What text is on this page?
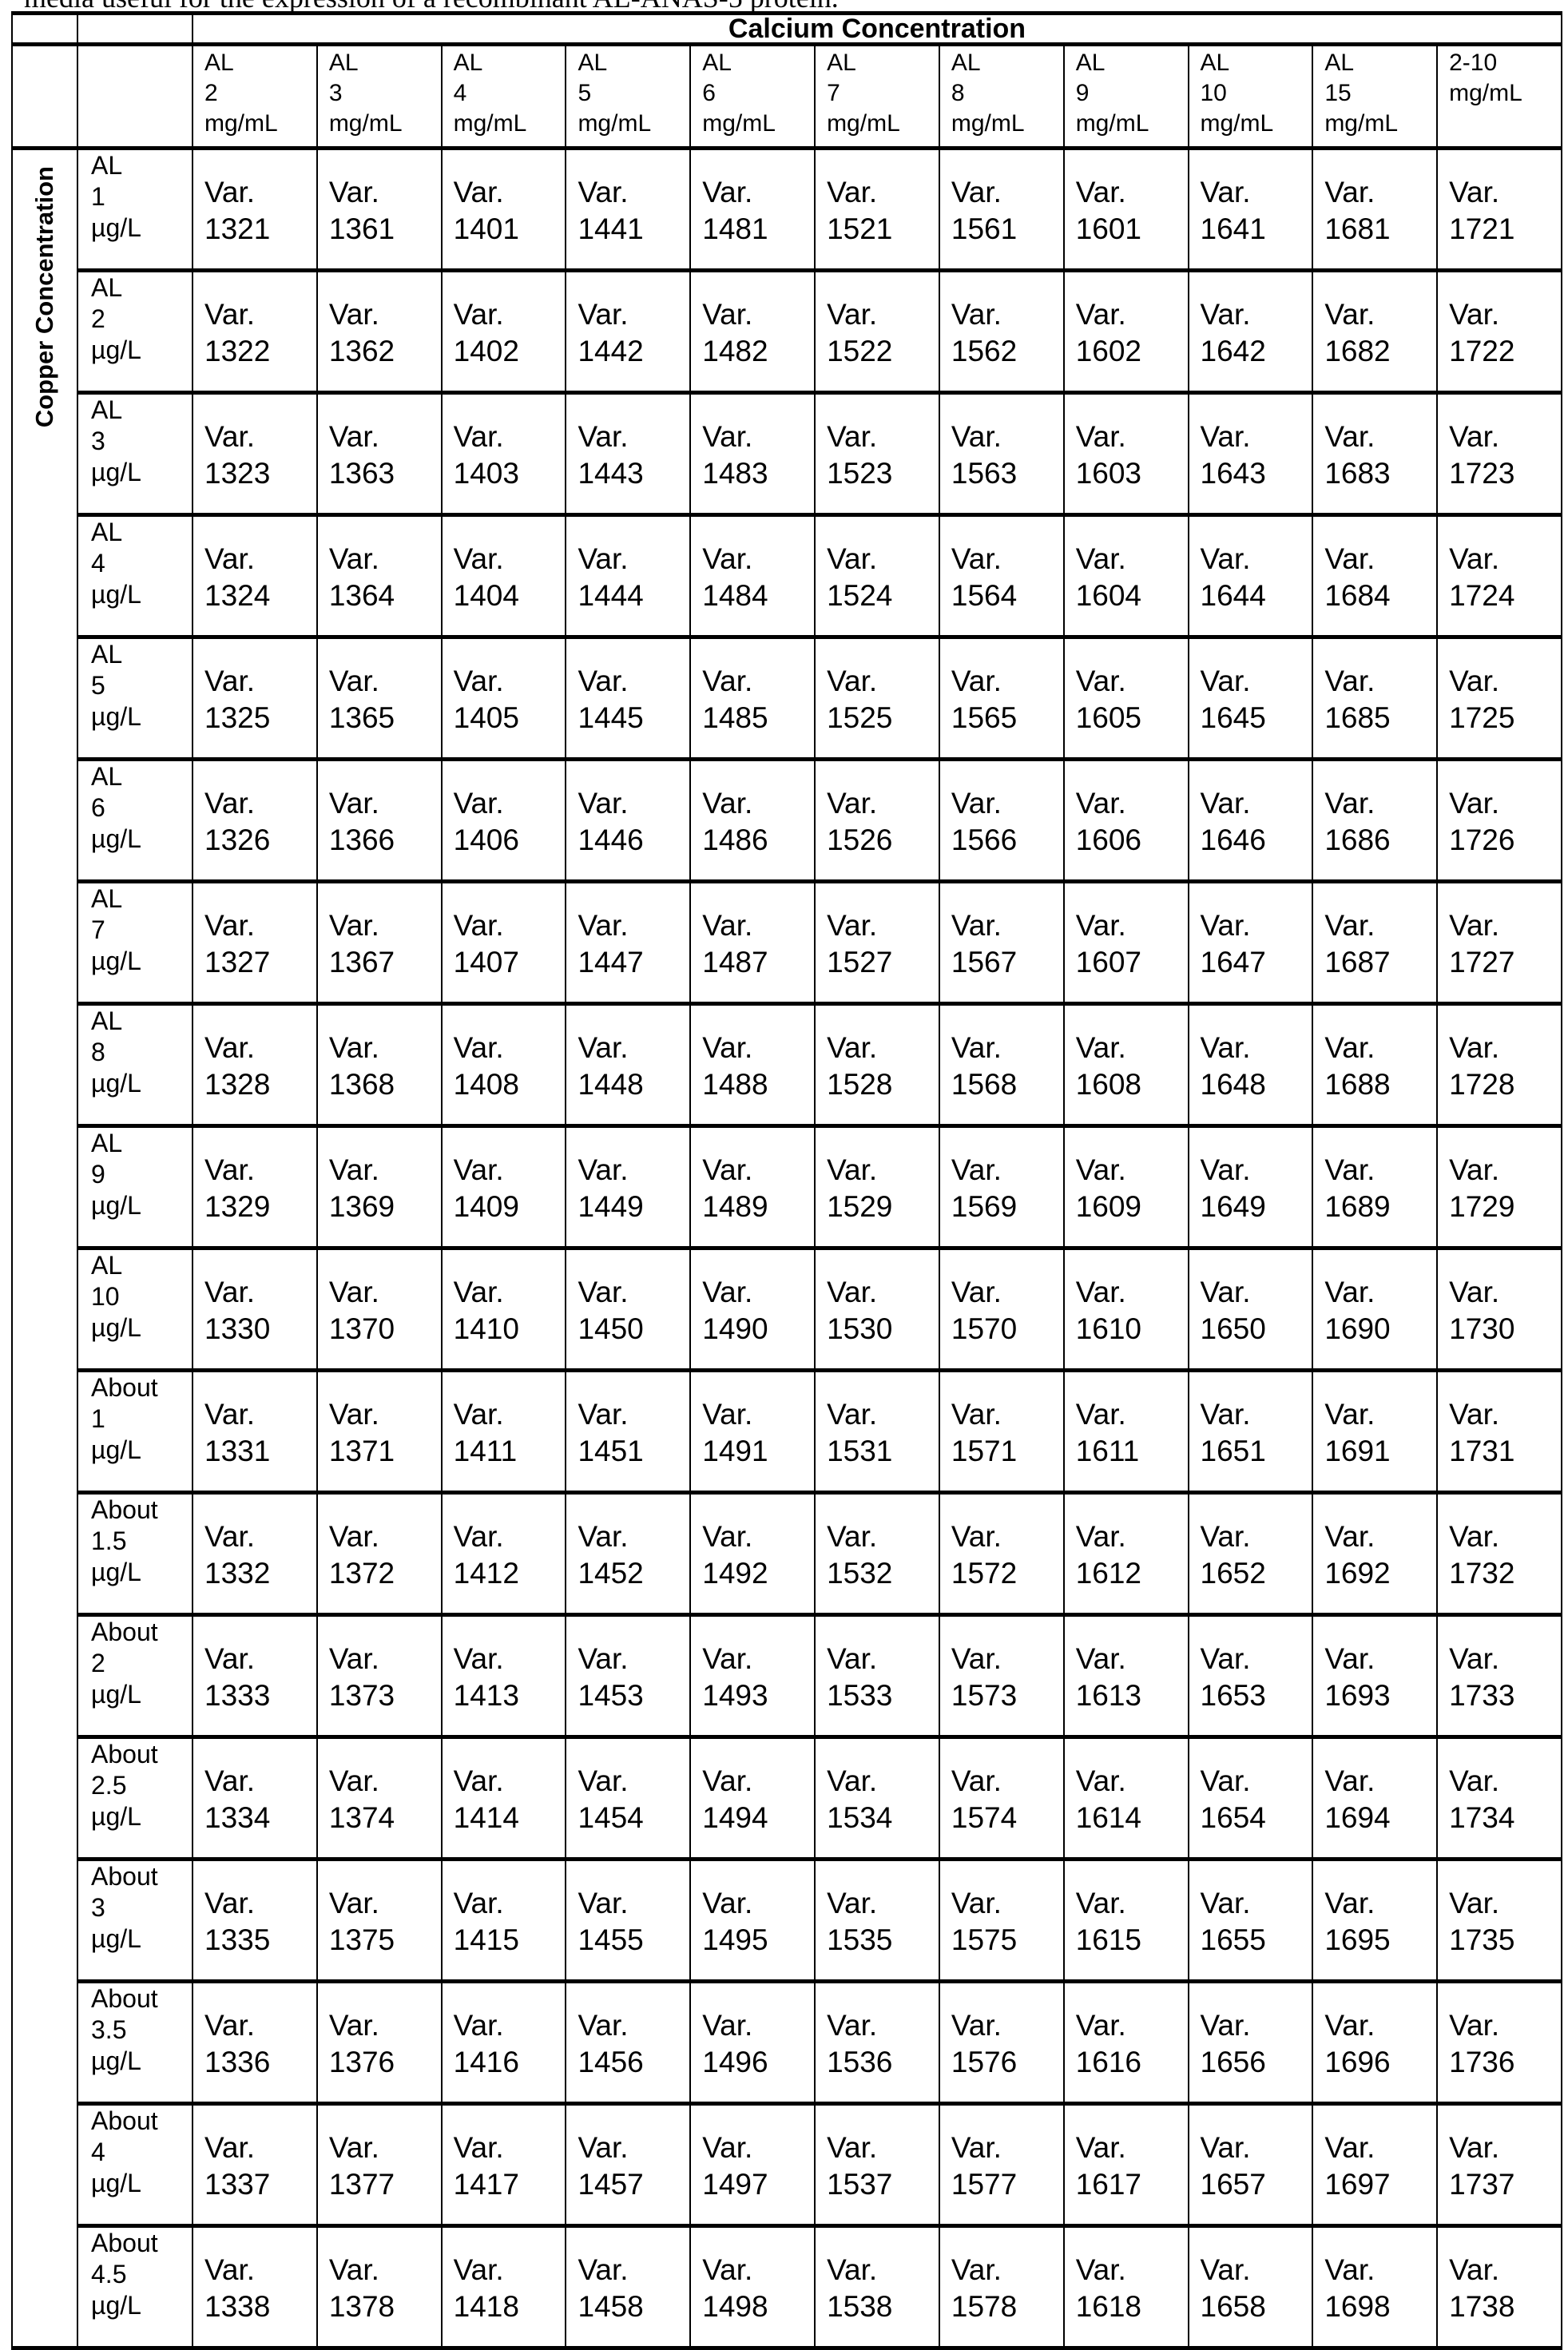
		Calcium Concentration

AL
2
mg/mL

AL
3
mg/mL

AL
4
mg/mL

AL
5
mg/mL

AL
6
mg/mL

AL
7
mg/mL

AL
8
mg/mL

AL
9
mg/mL

AL
10
mg/mL

AL
15
mg/mL

2-10
mg/mL

Copper Concentration	
AL
1
µg/L

Var.
1321

Var.
1361

Var.
1401

Var.
1441

Var.
1481

Var.
1521

Var.
1561

Var.
1601

Var.
1641

Var.
1681

Var.
1721

AL
2
µg/L

Var.
1322

Var.
1362

Var.
1402

Var.
1442

Var.
1482

Var.
1522

Var.
1562

Var.
1602

Var.
1642

Var.
1682

Var.
1722

AL
3
µg/L

Var.
1323

Var.
1363

Var.
1403

Var.
1443

Var.
1483

Var.
1523

Var.
1563

Var.
1603

Var.
1643

Var.
1683

Var.
1723

AL
4
µg/L

Var.
1324

Var.
1364

Var.
1404

Var.
1444

Var.
1484

Var.
1524

Var.
1564

Var.
1604

Var.
1644

Var.
1684

Var.
1724

AL
5
µg/L

Var.
1325

Var.
1365

Var.
1405

Var.
1445

Var.
1485

Var.
1525

Var.
1565

Var.
1605

Var.
1645

Var.
1685

Var.
1725

AL
6
µg/L

Var.
1326

Var.
1366

Var.
1406

Var.
1446

Var.
1486

Var.
1526

Var.
1566

Var.
1606

Var.
1646

Var.
1686

Var.
1726

AL
7
µg/L

Var.
1327

Var.
1367

Var.
1407

Var.
1447

Var.
1487

Var.
1527

Var.
1567

Var.
1607

Var.
1647

Var.
1687

Var.
1727

AL
8
µg/L

Var.
1328

Var.
1368

Var.
1408

Var.
1448

Var.
1488

Var.
1528

Var.
1568

Var.
1608

Var.
1648

Var.
1688

Var.
1728

AL
9
µg/L

Var.
1329

Var.
1369

Var.
1409

Var.
1449

Var.
1489

Var.
1529

Var.
1569

Var.
1609

Var.
1649

Var.
1689

Var.
1729

AL
10
µg/L

Var.
1330

Var.
1370

Var.
1410

Var.
1450

Var.
1490

Var.
1530

Var.
1570

Var.
1610

Var.
1650

Var.
1690

Var.
1730

About
1
µg/L

Var.
1331

Var.
1371

Var.
1411

Var.
1451

Var.
1491

Var.
1531

Var.
1571

Var.
1611

Var.
1651

Var.
1691

Var.
1731

About
1.5
µg/L

Var.
1332

Var.
1372

Var.
1412

Var.
1452

Var.
1492

Var.
1532

Var.
1572

Var.
1612

Var.
1652

Var.
1692

Var.
1732

About
2
µg/L

Var.
1333

Var.
1373

Var.
1413

Var.
1453

Var.
1493

Var.
1533

Var.
1573

Var.
1613

Var.
1653

Var.
1693

Var.
1733

About
2.5
µg/L

Var.
1334

Var.
1374

Var.
1414

Var.
1454

Var.
1494

Var.
1534

Var.
1574

Var.
1614

Var.
1654

Var.
1694

Var.
1734

About
3
µg/L

Var.
1335

Var.
1375

Var.
1415

Var.
1455

Var.
1495

Var.
1535

Var.
1575

Var.
1615

Var.
1655

Var.
1695

Var.
1735

About
3.5
µg/L

Var.
1336

Var.
1376

Var.
1416

Var.
1456

Var.
1496

Var.
1536

Var.
1576

Var.
1616

Var.
1656

Var.
1696

Var.
1736

About
4
µg/L

Var.
1337

Var.
1377

Var.
1417

Var.
1457

Var.
1497

Var.
1537

Var.
1577

Var.
1617

Var.
1657

Var.
1697

Var.
1737

About
4.5
µg/L

Var.
1338

Var.
1378

Var.
1418

Var.
1458

Var.
1498

Var.
1538

Var.
1578

Var.
1618

Var.
1658

Var.
1698

Var.
1738
